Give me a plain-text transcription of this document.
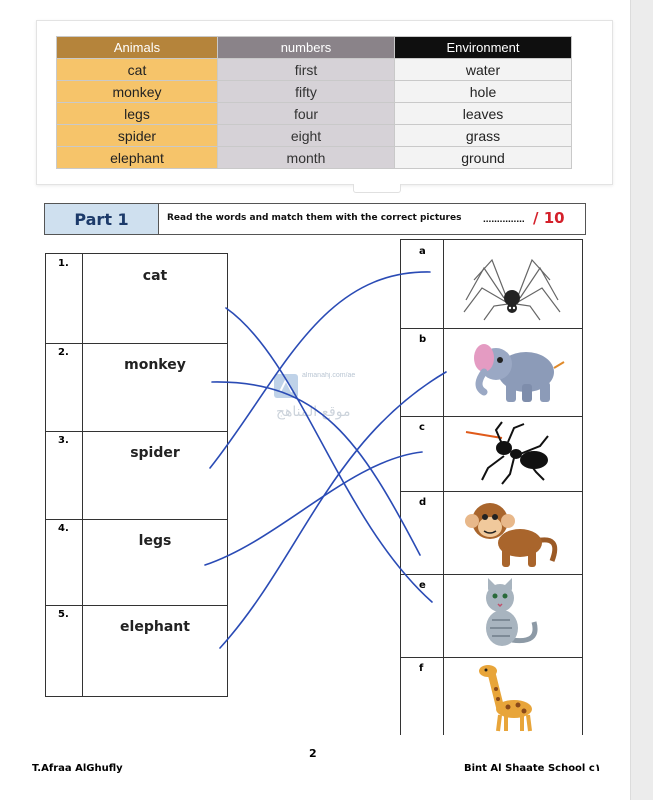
Animals	numbers	Environment
cat	first	water
monkey	fifty	hole
legs	four	leaves
spider	eight	grass
elephant	month	ground
Part 1	Read the words and match them with the correct pictures ............... / 10
1.
cat
2.
monkey
3.
spider
4.
legs
5.
elephant
a
b
c
d
e
f
almanahj.com/ae
موقع المناهج
2
T.Afraa AlGhufly	Bint Al Shaate School c١
